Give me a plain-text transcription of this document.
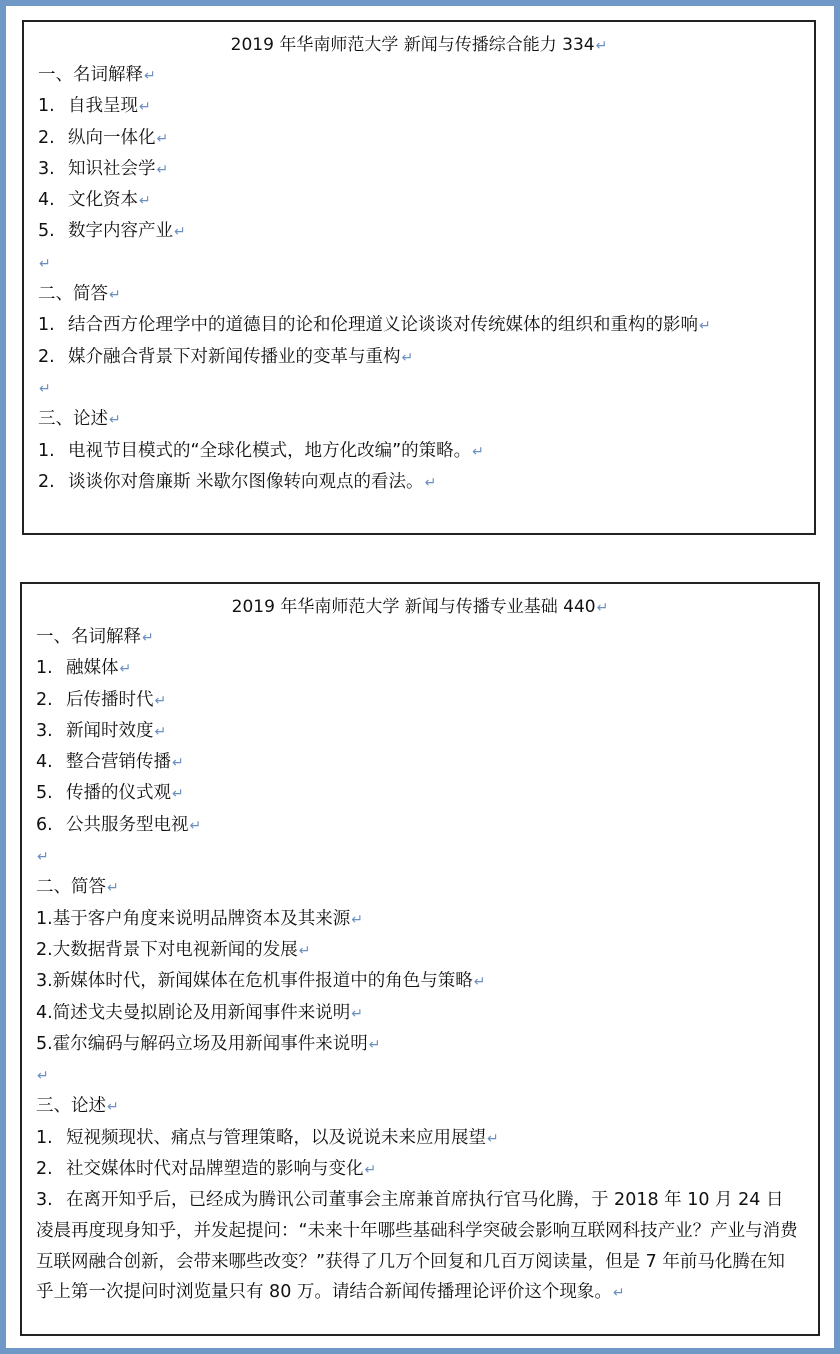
2019 年华南师范大学 新闻与传播综合能力 334↵
一、名词解释↵
1. 自我呈现↵
2. 纵向一体化↵
3. 知识社会学↵
4. 文化资本↵
5. 数字内容产业↵
↵
二、简答↵
1. 结合西方伦理学中的道德目的论和伦理道义论谈谈对传统媒体的组织和重构的影响↵
2. 媒介融合背景下对新闻传播业的变革与重构↵
↵
三、论述↵
1. 电视节目模式的“全球化模式，地方化改编”的策略。↵
2. 谈谈你对詹廉斯 米歇尔图像转向观点的看法。↵
2019 年华南师范大学 新闻与传播专业基础 440↵
一、名词解释↵
1. 融媒体↵
2. 后传播时代↵
3. 新闻时效度↵
4. 整合营销传播↵
5. 传播的仪式观↵
6. 公共服务型电视↵
↵
二、简答↵
1.基于客户角度来说明品牌资本及其来源↵
2.大数据背景下对电视新闻的发展↵
3.新媒体时代，新闻媒体在危机事件报道中的角色与策略↵
4.简述戈夫曼拟剧论及用新闻事件来说明↵
5.霍尔编码与解码立场及用新闻事件来说明↵
↵
三、论述↵
1. 短视频现状、痛点与管理策略，以及说说未来应用展望↵
2. 社交媒体时代对品牌塑造的影响与变化↵
3. 在离开知乎后，已经成为腾讯公司董事会主席兼首席执行官马化腾，于 2018 年 10 月 24 日凌晨再度现身知乎，并发起提问：“未来十年哪些基础科学突破会影响互联网科技产业？产业与消费互联网融合创新，会带来哪些改变？”获得了几万个回复和几百万阅读量，但是 7 年前马化腾在知乎上第一次提问时浏览量只有 80 万。请结合新闻传播理论评价这个现象。↵
